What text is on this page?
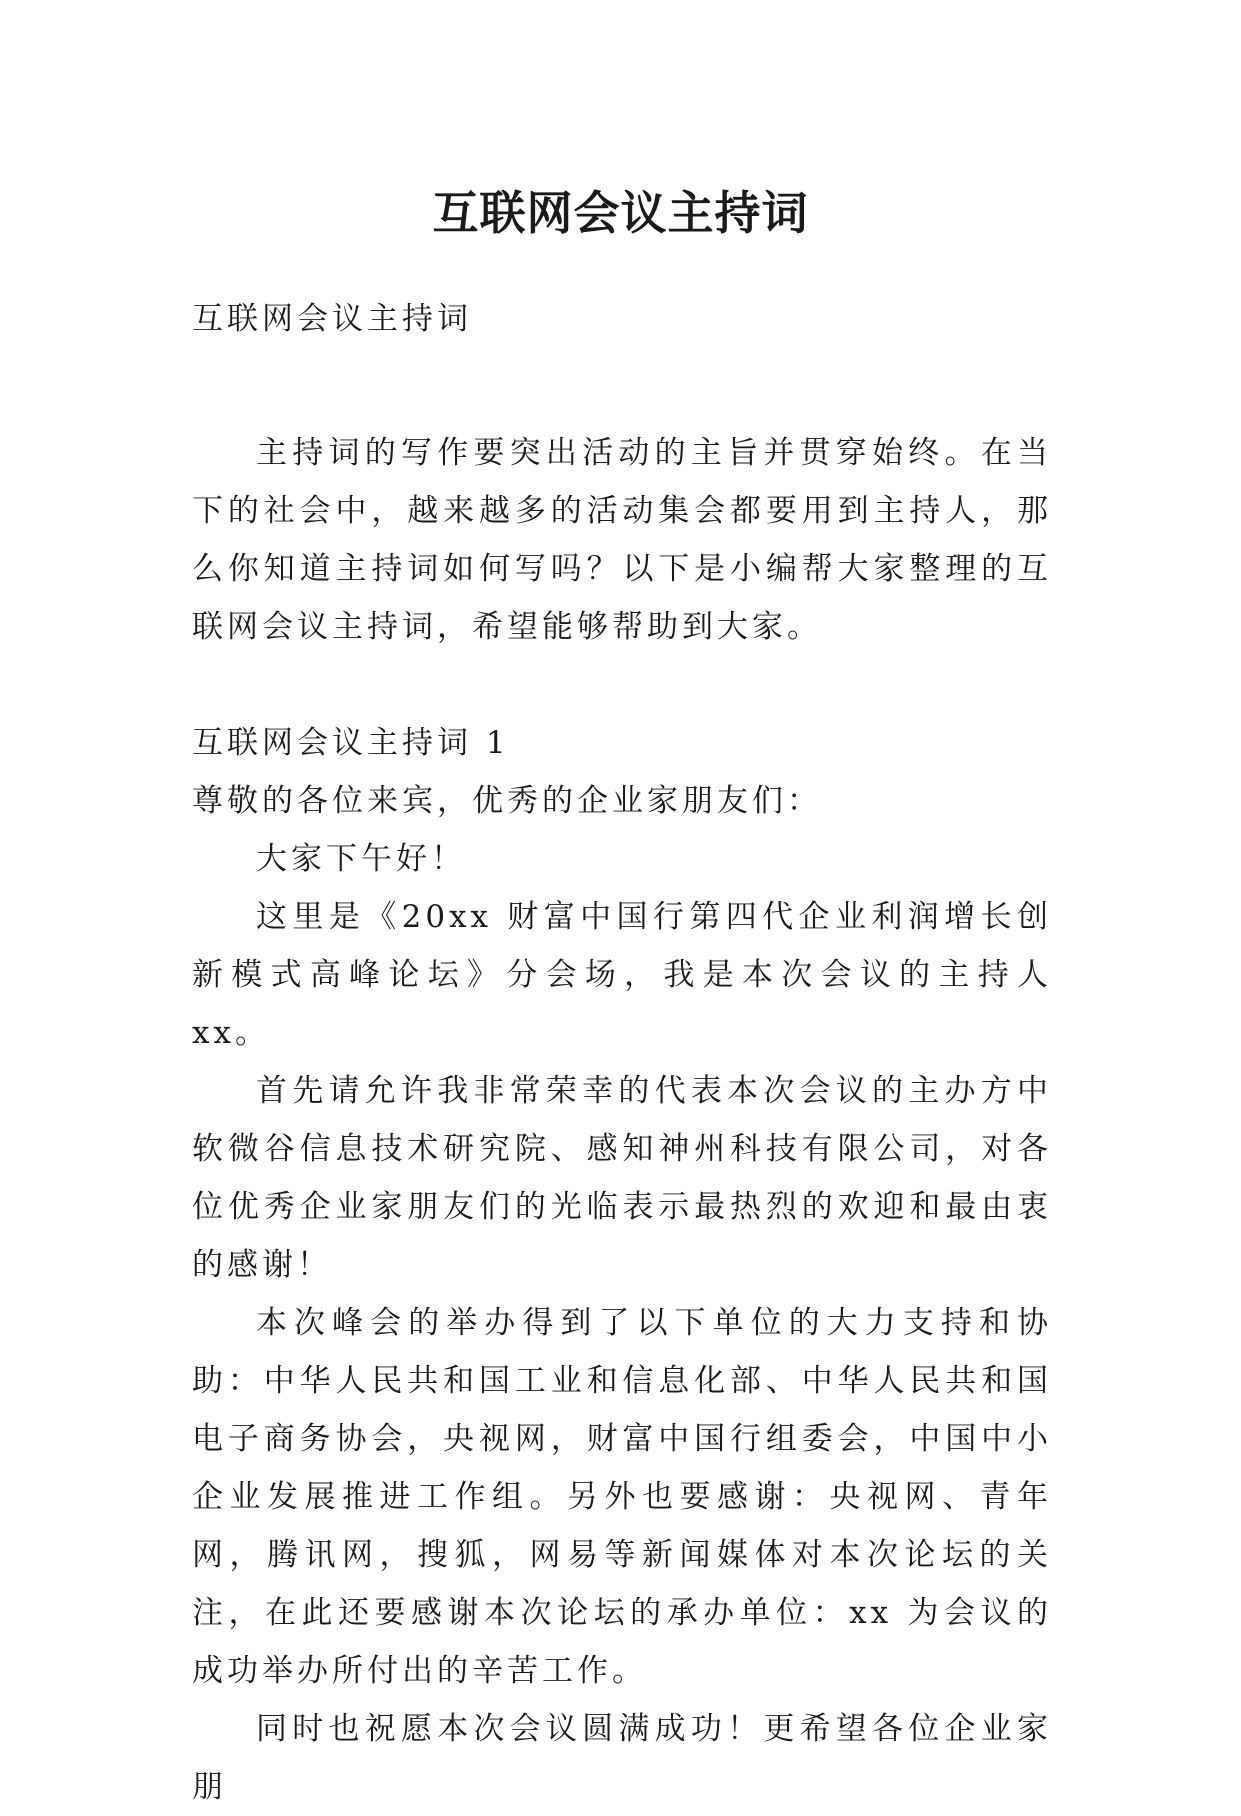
互联网会议主持词

互联网会议主持词

主持词的写作要突出活动的主旨并贯穿始终。在当下的社会中，越来越多的活动集会都要用到主持人，那么你知道主持词如何写吗？以下是小编帮大家整理的互联网会议主持词，希望能够帮助到大家。

互联网会议主持词 1

尊敬的各位来宾，优秀的企业家朋友们：

大家下午好！

这里是《20xx 财富中国行第四代企业利润增长创新模式高峰论坛》分会场，我是本次会议的主持人 xx。

首先请允许我非常荣幸的代表本次会议的主办方中软微谷信息技术研究院、感知神州科技有限公司，对各位优秀企业家朋友们的光临表示最热烈的欢迎和最由衷的感谢！

本次峰会的举办得到了以下单位的大力支持和协助：中华人民共和国工业和信息化部、中华人民共和国电子商务协会，央视网，财富中国行组委会，中国中小企业发展推进工作组。另外也要感谢：央视网、青年网，腾讯网，搜狐，网易等新闻媒体对本次论坛的关注，在此还要感谢本次论坛的承办单位：xx 为会议的成功举办所付出的辛苦工作。

同时也祝愿本次会议圆满成功！更希望各位企业家朋
